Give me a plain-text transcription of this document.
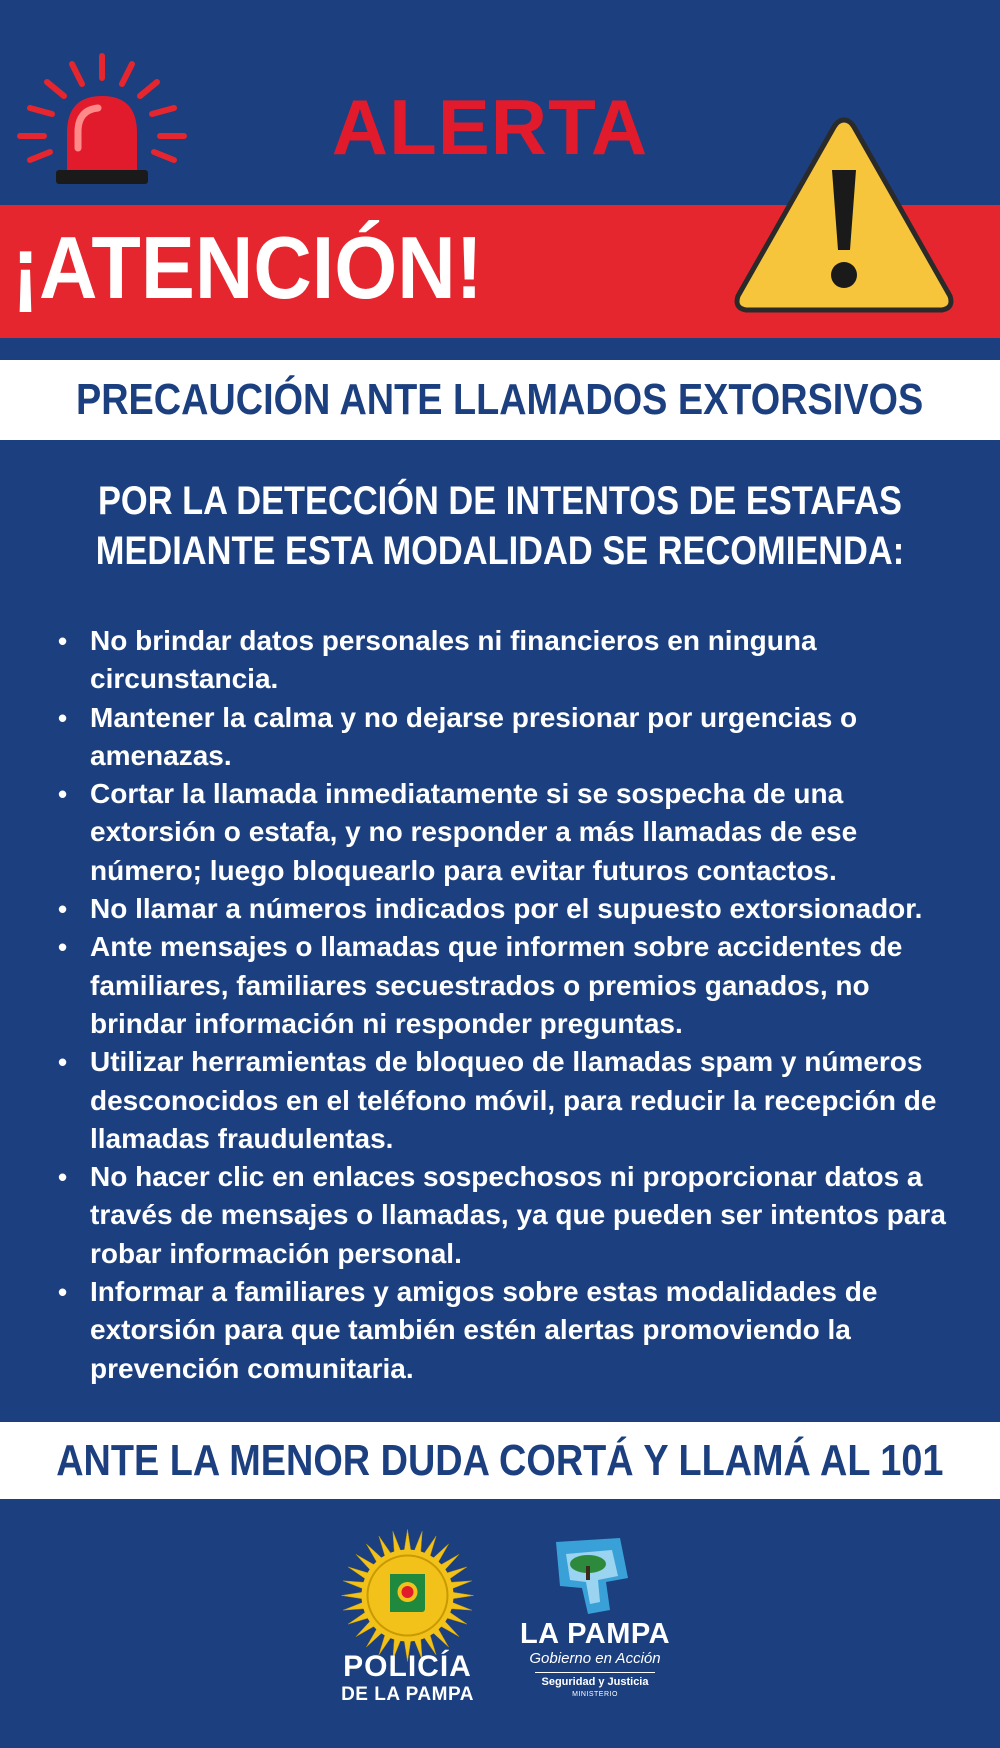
ALERTA
¡ATENCIÓN!
PRECAUCIÓN ANTE LLAMADOS EXTORSIVOS
POR LA DETECCIÓN DE INTENTOS DE ESTAFAS
MEDIANTE ESTA MODALIDAD SE RECOMIENDA:
• No brindar datos personales ni financieros en ninguna
circunstancia.
• Mantener la calma y no dejarse presionar por urgencias o
amenazas.
• Cortar la llamada inmediatamente si se sospecha de una
extorsión o estafa, y no responder a más llamadas de ese
número; luego bloquearlo para evitar futuros contactos.
• No llamar a números indicados por el supuesto extorsionador.
• Ante mensajes o llamadas que informen sobre accidentes de
familiares, familiares secuestrados o premios ganados, no
brindar información ni responder preguntas.
• Utilizar herramientas de bloqueo de llamadas spam y números
desconocidos en el teléfono móvil, para reducir la recepción de
llamadas fraudulentas.
• No hacer clic en enlaces sospechosos ni proporcionar datos a
través de mensajes o llamadas, ya que pueden ser intentos para
robar información personal.
• Informar a familiares y amigos sobre estas modalidades de
extorsión para que también estén alertas promoviendo la
prevención comunitaria.
ANTE LA MENOR DUDA CORTÁ Y LLAMÁ AL 101
POLICÍA
DE LA PAMPA
LA PAMPA
Gobierno en Acción
Seguridad y Justicia
MINISTERIO
